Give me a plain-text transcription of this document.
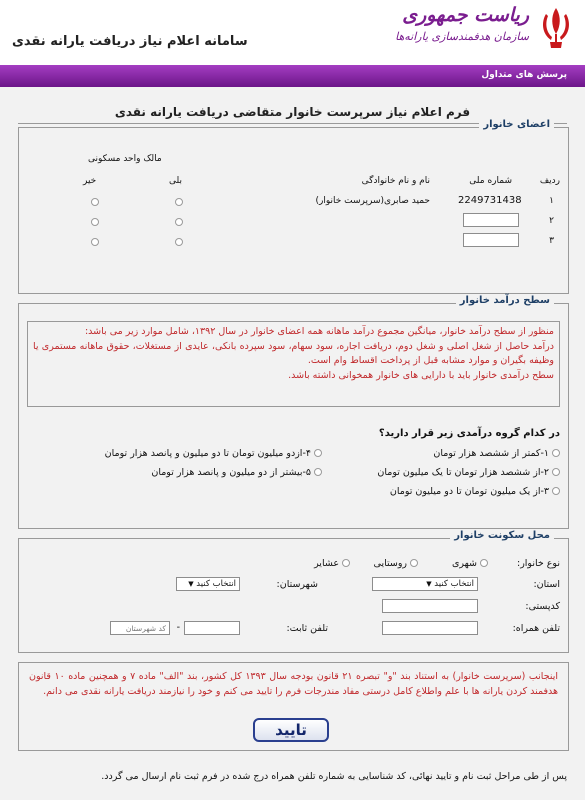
ریاست جمهوری
سازمان هدفمندسازی یارانه‌ها
سامانه اعلام نیاز دریافت یارانه نقدی
پرسش های متداول
فرم اعلام نیاز سرپرست خانوار متقاضی دریافت یارانه نقدی
اعضای خانوار
مالک واحد مسکونی
ردیف
شماره ملی
نام و نام خانوادگی
بلی
خیر
۱
2249731438
حمید صابری(سرپرست خانوار)
۲
۳
سطح درآمد خانوار
منظور از سطح درآمد خانوار، میانگین مجموع درآمد ماهانه همه اعضای خانوار در سال ۱۳۹۲، شامل موارد زیر می باشد:
درآمد حاصل از شغل اصلی و شغل دوم، دریافت اجاره، سود سهام، سود سپرده بانکی، عایدی از مستغلات، حقوق ماهانه مستمری یا وظیفه بگیران و موارد مشابه قبل از پرداخت اقساط وام است.
سطح درآمدی خانوار باید با دارایی های خانوار همخوانی داشته باشد.
در کدام گروه درآمدی زیر قرار دارید؟
۱-کمتر از ششصد هزار تومان
۲-از ششصد هزار تومان تا یک میلیون تومان
۳-از یک میلیون تومان تا دو میلیون تومان
۴-ازدو میلیون تومان تا دو میلیون و پانصد هزار تومان
۵-بیشتر از دو میلیون و پانصد هزار تومان
محل سکونت خانوار
نوع خانوار:
شهری
روستایی
عشایر
استان:
انتخاب کنید ▼
شهرستان:
انتخاب کنید ▼
کدپستی:
تلفن همراه:
تلفن ثابت:
-
کد شهرستان
اینجانب (سرپرست خانوار) به استناد بند "و" تبصره ۲۱ قانون بودجه سال ۱۳۹۳ کل کشور، بند "الف" ماده ۷ و همچنین ماده ۱۰ قانون هدفمند کردن یارانه ها با علم واطلاع کامل درستی مفاد مندرجات فرم را تایید می کنم و خود را نیازمند دریافت یارانه نقدی می دانم.
تایید
پس از طی مراحل ثبت نام و تایید نهائی، کد شناسایی به شماره تلفن همراه درج شده در فرم ثبت نام ارسال می گردد.
